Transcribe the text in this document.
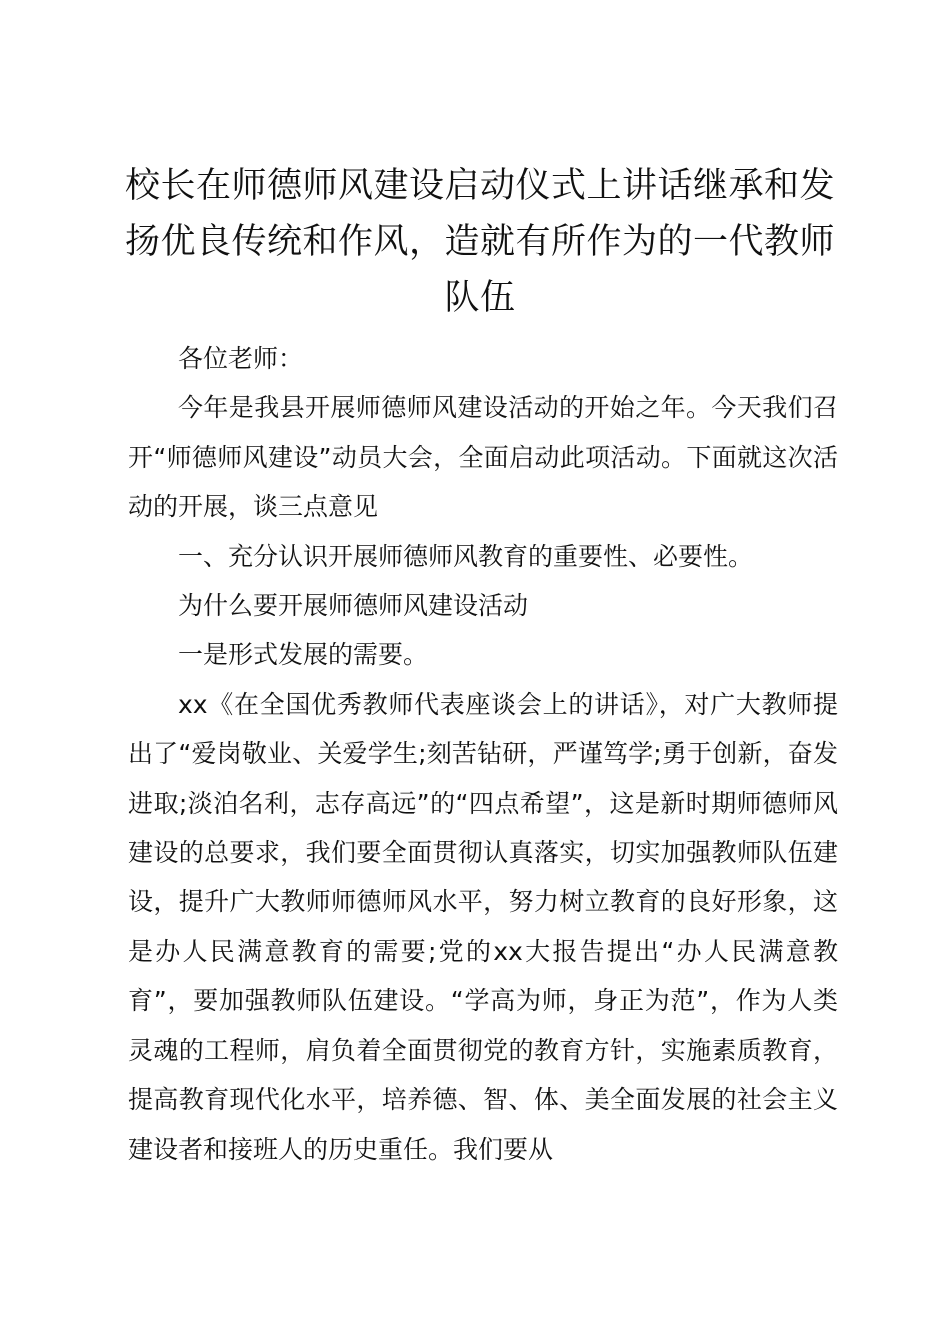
校长在师德师风建设启动仪式上讲话继承和发扬优良传统和作风，造就有所作为的一代教师队伍

各位老师：

今年是我县开展师德师风建设活动的开始之年。今天我们召开“师德师风建设”动员大会，全面启动此项活动。下面就这次活动的开展，谈三点意见

一、充分认识开展师德师风教育的重要性、必要性。

为什么要开展师德师风建设活动

一是形式发展的需要。

xx《在全国优秀教师代表座谈会上的讲话》，对广大教师提出了“爱岗敬业、关爱学生;刻苦钻研，严谨笃学;勇于创新，奋发进取;淡泊名利，志存高远”的“四点希望”，这是新时期师德师风建设的总要求，我们要全面贯彻认真落实，切实加强教师队伍建设，提升广大教师师德师风水平，努力树立教育的良好形象，这是办人民满意教育的需要;党的xx大报告提出“办人民满意教育”，要加强教师队伍建设。“学高为师，身正为范”，作为人类灵魂的工程师，肩负着全面贯彻党的教育方针，实施素质教育，提高教育现代化水平，培养德、智、体、美全面发展的社会主义建设者和接班人的历史重任。我们要从
